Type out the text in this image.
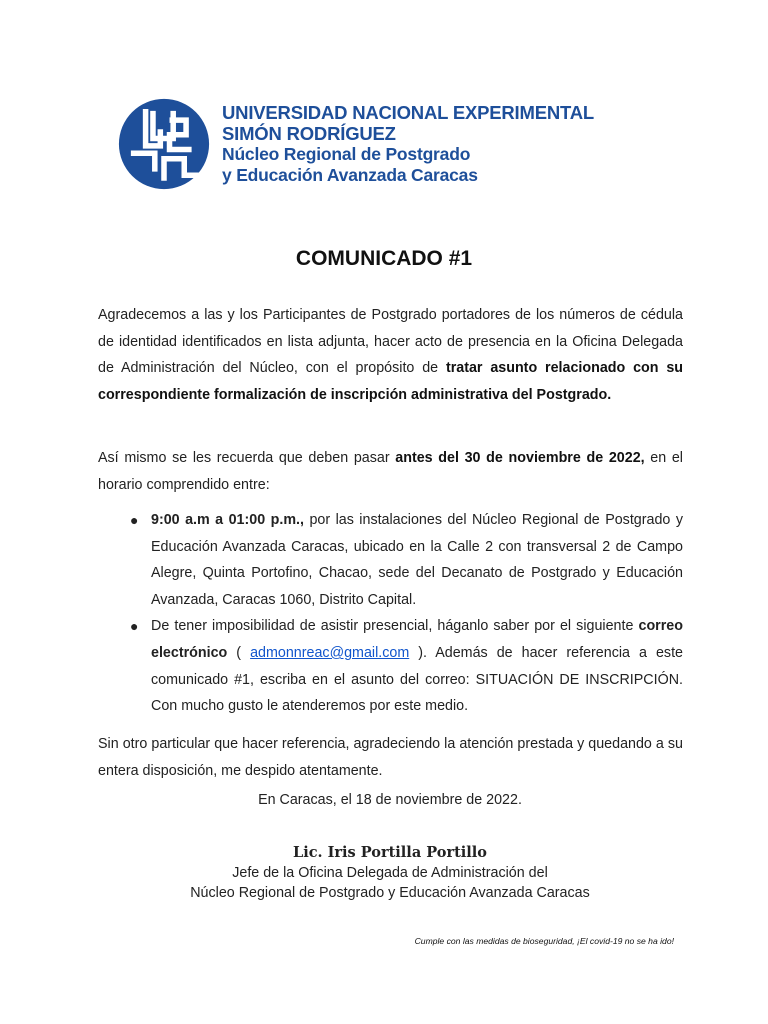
UNIVERSIDAD NACIONAL EXPERIMENTAL
SIMÓN RODRÍGUEZ
Núcleo Regional de Postgrado
y Educación Avanzada Caracas
COMUNICADO #1
Agradecemos a las y los Participantes de Postgrado portadores de los números de cédula de identidad identificados en lista adjunta, hacer acto de presencia en la Oficina Delegada de Administración del Núcleo, con el propósito de tratar asunto relacionado con su correspondiente formalización de inscripción administrativa del Postgrado.
Así mismo se les recuerda que deben pasar antes del 30 de noviembre de 2022, en el horario comprendido entre:
● 9:00 a.m a 01:00 p.m., por las instalaciones del Núcleo Regional de Postgrado y Educación Avanzada Caracas, ubicado en la Calle 2 con transversal 2 de Campo Alegre, Quinta Portofino, Chacao, sede del Decanato de Postgrado y Educación Avanzada, Caracas 1060, Distrito Capital.
● De tener imposibilidad de asistir presencial, háganlo saber por el siguiente correo electrónico ( admonnreac@gmail.com ). Además de hacer referencia a este comunicado #1, escriba en el asunto del correo: SITUACIÓN DE INSCRIPCIÓN. Con mucho gusto le atenderemos por este medio.
Sin otro particular que hacer referencia, agradeciendo la atención prestada y quedando a su entera disposición, me despido atentamente.
En Caracas, el 18 de noviembre de 2022.
Lic. Iris Portilla Portillo
Jefe de la Oficina Delegada de Administración del
Núcleo Regional de Postgrado y Educación Avanzada Caracas
Cumple con las medidas de bioseguridad, ¡El covid-19 no se ha ido!
